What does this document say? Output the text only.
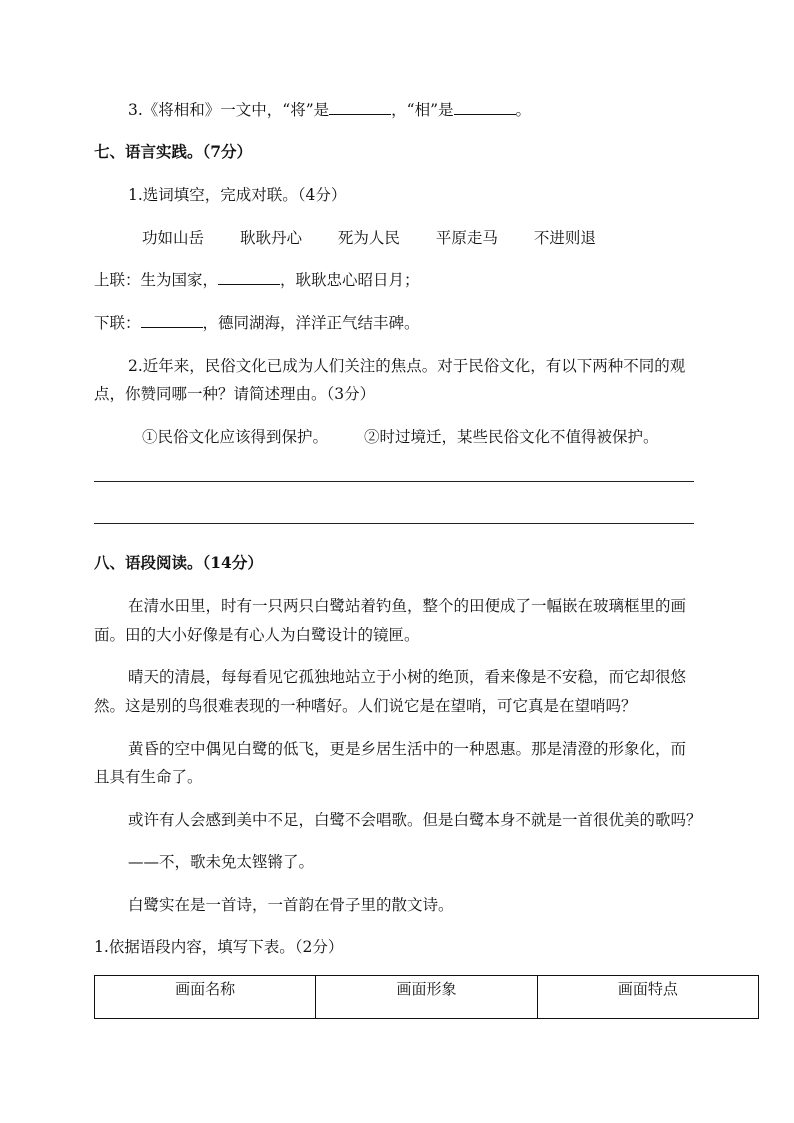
3.《将相和》一文中，“将”是	，“相”是	。
七、语言实践。（7分）
1.选词填空，完成对联。（4分）
功如山岳 耿耿丹心 死为人民 平原走马 不进则退
上联：生为国家，	，耿耿忠心昭日月；
下联：	，德同湖海，洋洋正气结丰碑。
2.近年来，民俗文化已成为人们关注的焦点。对于民俗文化，有以下两种不同的观
点，你赞同哪一种？请简述理由。（3分）
①民俗文化应该得到保护。 ②时过境迁，某些民俗文化不值得被保护。
八、语段阅读。（14分）
在清水田里，时有一只两只白鹭站着钓鱼，整个的田便成了一幅嵌在玻璃框里的画
面。田的大小好像是有心人为白鹭设计的镜匣。
晴天的清晨，每每看见它孤独地站立于小树的绝顶，看来像是不安稳，而它却很悠
然。这是别的鸟很难表现的一种嗜好。人们说它是在望哨，可它真是在望哨吗？
黄昏的空中偶见白鹭的低飞，更是乡居生活中的一种恩惠。那是清澄的形象化，而
且具有生命了。
或许有人会感到美中不足，白鹭不会唱歌。但是白鹭本身不就是一首很优美的歌吗？
——不，歌未免太铿锵了。
白鹭实在是一首诗，一首韵在骨子里的散文诗。
1.依据语段内容，填写下表。（2分）
画面名称	画面形象	画面特点
